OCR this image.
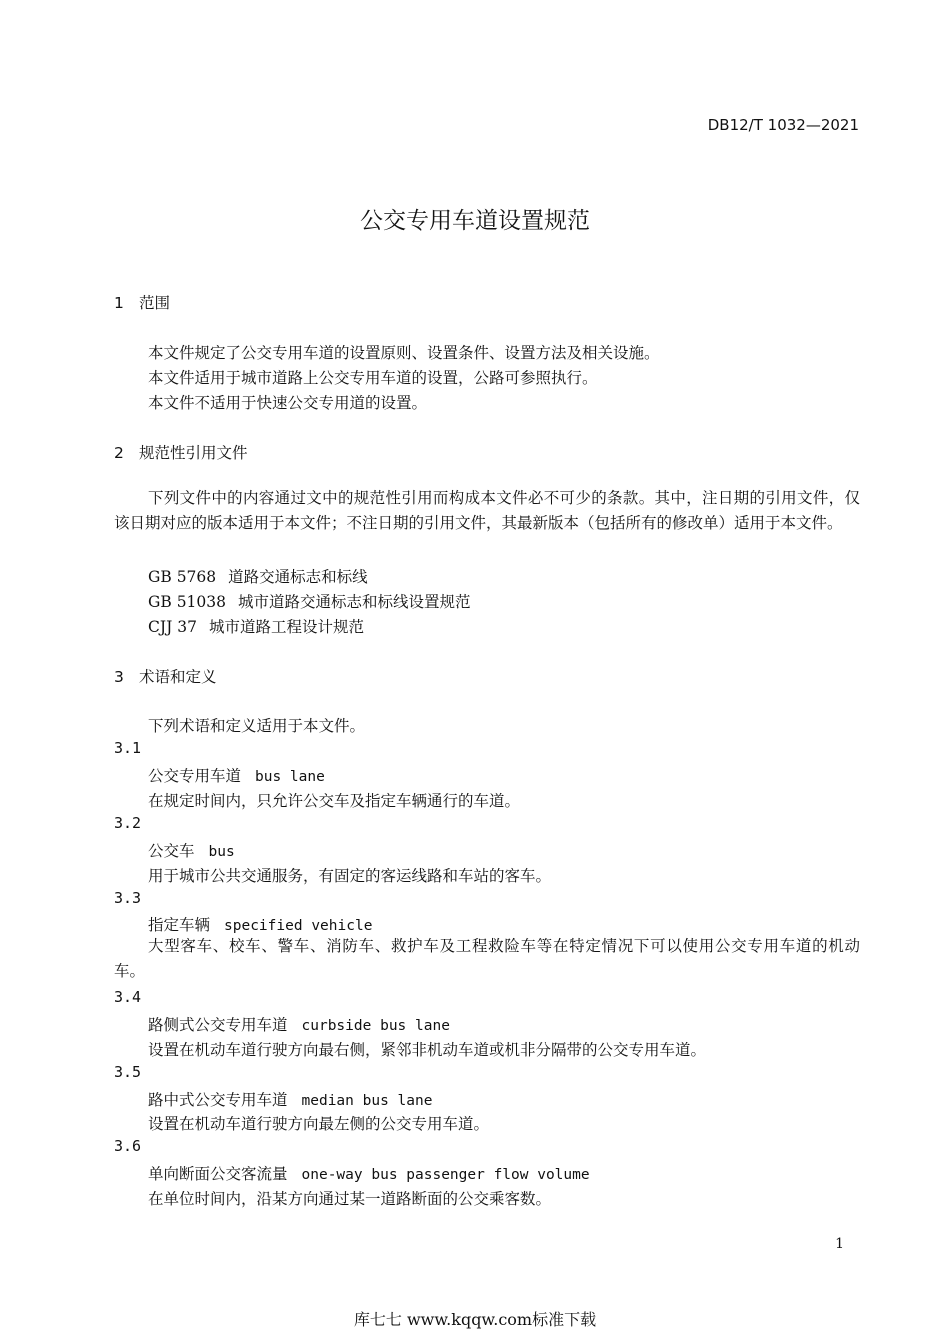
DB12/T 1032—2021
公交专用车道设置规范
1 范围
本文件规定了公交专用车道的设置原则、设置条件、设置方法及相关设施。
本文件适用于城市道路上公交专用车道的设置，公路可参照执行。
本文件不适用于快速公交专用道的设置。
2 规范性引用文件
下列文件中的内容通过文中的规范性引用而构成本文件必不可少的条款。其中，注日期的引用文件，仅该日期对应的版本适用于本文件；不注日期的引用文件，其最新版本（包括所有的修改单）适用于本文件。
GB 5768 道路交通标志和标线
GB 51038 城市道路交通标志和标线设置规范
CJJ 37 城市道路工程设计规范
3 术语和定义
下列术语和定义适用于本文件。
3.1
公交专用车道 bus lane
在规定时间内，只允许公交车及指定车辆通行的车道。
3.2
公交车 bus
用于城市公共交通服务，有固定的客运线路和车站的客车。
3.3
指定车辆 specified vehicle
大型客车、校车、警车、消防车、救护车及工程救险车等在特定情况下可以使用公交专用车道的机动车。
3.4
路侧式公交专用车道 curbside bus lane
设置在机动车道行驶方向最右侧，紧邻非机动车道或机非分隔带的公交专用车道。
3.5
路中式公交专用车道 median bus lane
设置在机动车道行驶方向最左侧的公交专用车道。
3.6
单向断面公交客流量 one-way bus passenger flow volume
在单位时间内，沿某方向通过某一道路断面的公交乘客数。
1
库七七 www.kqqw.com标准下载
